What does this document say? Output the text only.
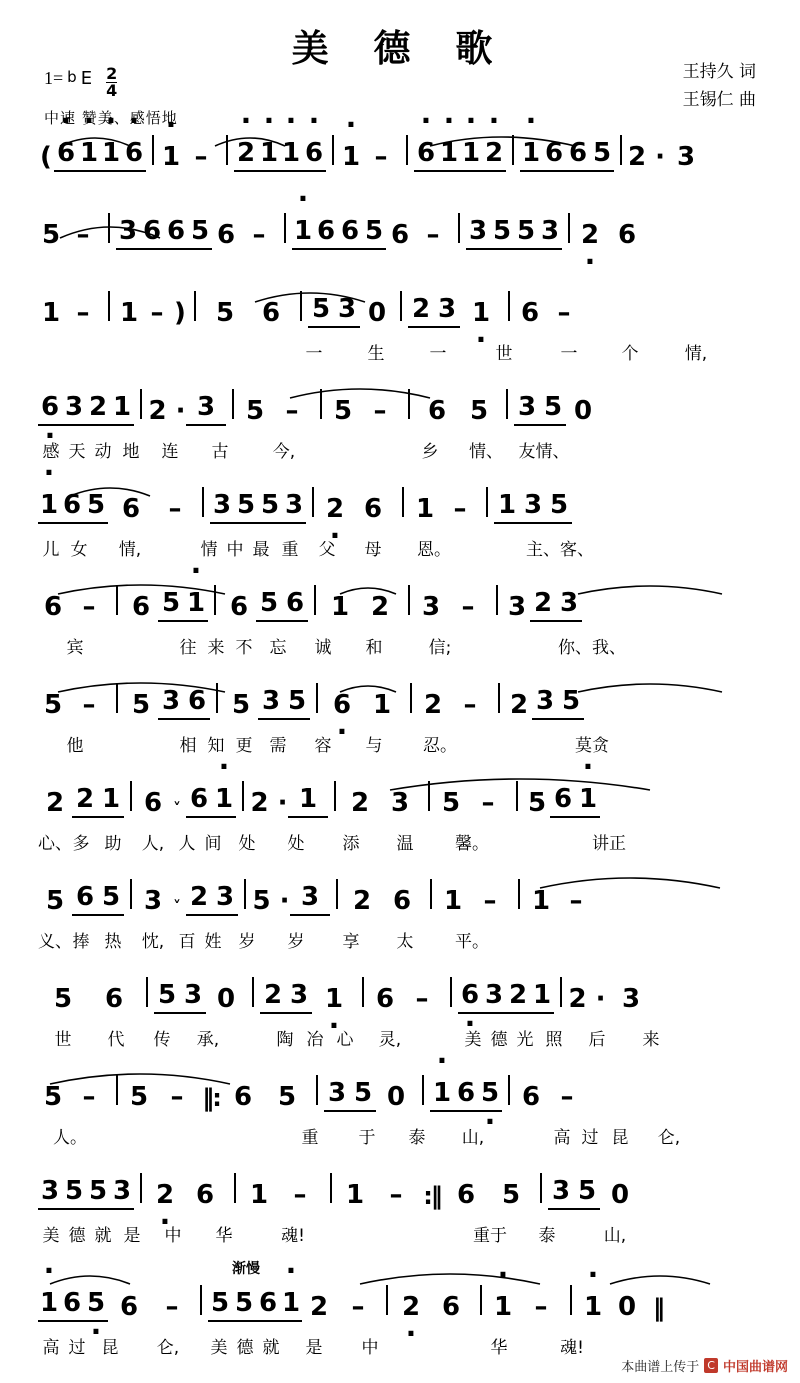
美 德 歌
王持久 词
王锡仁 曲
1= b E $\frac{2}{4}$
中速 赞美、感悟地
( · 6 · 1 · 1 · 6 · 1 –	· 2 · 1 · 1 · 6 · 1 –	· 6 · 1 · 1 · 2 · 1 6 6 5 2 · 3
5 –	3 6 6 5 6 –	· 1 6 6 5 6 –	3 5 5 3 2 · 6
1 –	1 – )	5	6	5 3 0 2 3 1 ·	6 –
一	生	一	世	一	个	情,
6 · 3 2 1 2 · 3	5 –	5 –	6 5	3 5 0
感 天 动 地	连	古	今,	乡	情、 友情、
· 1 6 5 6	–	3 5 5 3 2 · 6	1 –	1 3 5
儿 女	情,	情 中 最 重	父	母	恩。	主、客、
6 –	6 5 · 1 6 5 6	1 2	3 –	3 2 3
宾	往 来 不	忘	诚	和	信;	你、我、
5 –	5 3 6 5 3 5	6 · 1	2 –	2 3 5
他	相 知 更	需	容	与	忍。	莫贪
2 2 1 6 ˅ 6 · 1 2 · 1	2 3	5 –	5 6 · 1
心、 多 助	人, 人 间	处	处	添	温	馨。	讲正
5 6 5 3 ˅ 2 3 5 · 3	2 6	1 –	1 –
义、 捧 热	忱, 百 姓	岁	岁	享	太	平。
5	6	5 3 0	2 3 1 ·	6 –	6 · 3 2 1 2 · 3
世	代	传	承,	陶 冶 心	灵,	美 德 光 照	后	来
5 –	5 – ‖: 6 5	3 5 0	· 1 6 5 · 6 –
人。	重	于	泰	山,	高 过 昆	仑,
3 5 5 3 2 · 6	1 –	1 – :‖ 6	5	3 5 0
美 德 就 是	中	华	魂!	重于	泰	山,
渐慢
· 1 6 5 · 6	–	5 5 6 · 1 2 –	2 · 6	· 1 –	· 1 0 ‖
高 过 昆	仑,	美 德 就	是	中	华	魂!
本曲谱上传于 C 中国曲谱网
